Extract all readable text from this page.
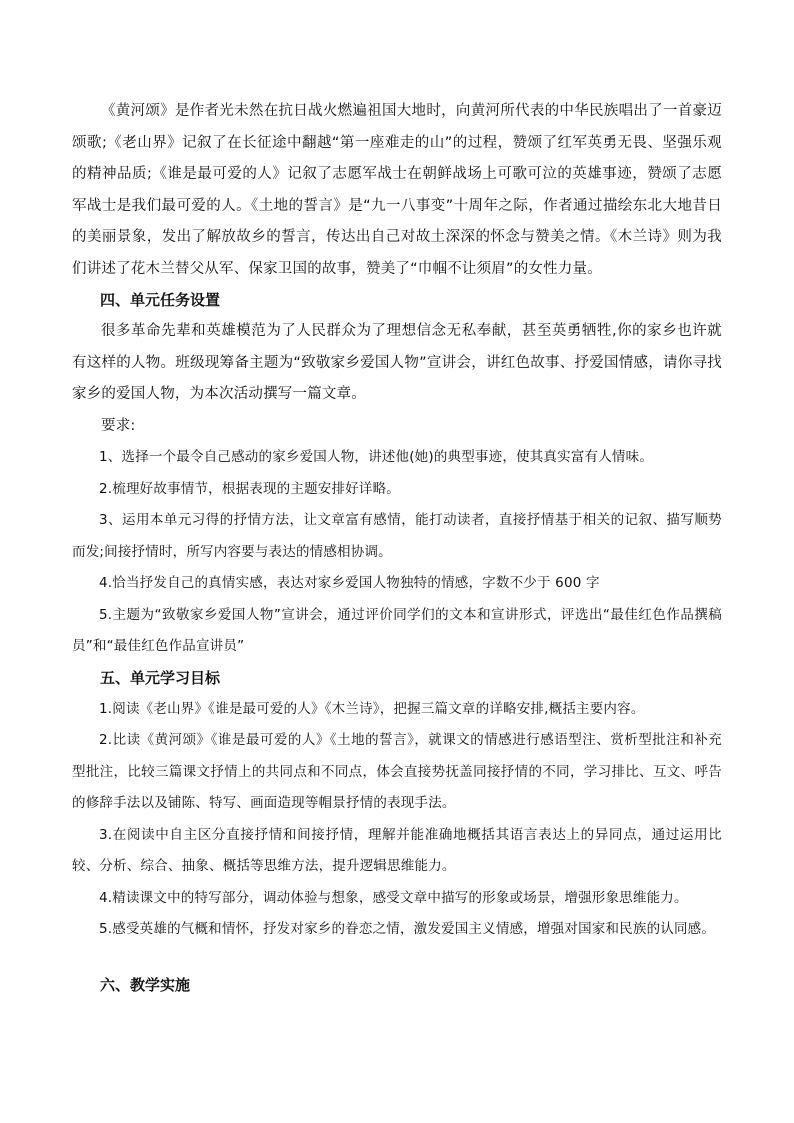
《黄河颂》是作者光未然在抗日战火燃遍祖国大地时，向黄河所代表的中华民族唱出了一首豪迈颂歌;《老山界》记叙了在长征途中翻越“第一座难走的山”的过程，赞颂了红军英勇无畏、坚强乐观的精神品质;《谁是最可爱的人》记叙了志愿军战士在朝鲜战场上可歌可泣的英雄事迹，赞颂了志愿军战士是我们最可爱的人。《土地的誓言》是“九一八事变”十周年之际，作者通过描绘东北大地昔日的美丽景象，发出了解放故乡的誓言，传达出自己对故土深深的怀念与赞美之情。《木兰诗》则为我们讲述了花木兰替父从军、保家卫国的故事，赞美了“巾帼不让须眉”的女性力量。

四、单元任务设置

很多革命先辈和英雄模范为了人民群众为了理想信念无私奉献，甚至英勇牺牲,你的家乡也许就有这样的人物。班级现筹备主题为“致敬家乡爱国人物”宣讲会，讲红色故事、抒爱国情感，请你寻找家乡的爱国人物，为本次活动撰写一篇文章。

要求:

1、选择一个最令自己感动的家乡爱国人物，讲述他(她)的典型事迹，使其真实富有人情味。

2.梳理好故事情节，根据表现的主题安排好详略。

3、运用本单元习得的抒情方法，让文章富有感情，能打动读者，直接抒情基于相关的记叙、描写顺势而发;间接抒情时，所写内容要与表达的情感相协调。

4.恰当抒发自己的真情实感，表达对家乡爱国人物独特的情感，字数不少于 600 字

5.主题为“致敬家乡爱国人物”宣讲会，通过评价同学们的文本和宣讲形式，评选出“最佳红色作品撰稿员”和“最佳红色作品宣讲员”

五、单元学习目标

1.阅读《老山界》《谁是最可爱的人》《木兰诗》，把握三篇文章的详略安排,概括主要内容。

2.比读《黄河颂》《谁是最可爱的人》《土地的誓言》，就课文的情感进行感语型注、赏析型批注和补充型批注，比较三篇课文抒情上的共同点和不同点，体会直接势抚盖同接抒情的不同，学习排比、互文、呼告的修辞手法以及铺陈、特写、画面造现等帽景抒情的表现手法。

3.在阅读中自主区分直接抒情和间接抒情，理解并能准确地概括其语言表达上的异同点，通过运用比较、分析、综合、抽象、概括等思维方法，提升逻辑思维能力。

4.精读课文中的特写部分，调动体验与想象，感受文章中描写的形象或场景，增强形象思维能力。

5.感受英雄的气概和情怀，抒发对家乡的眷恋之情，激发爱国主义情感，增强对国家和民族的认同感。

六、教学实施
